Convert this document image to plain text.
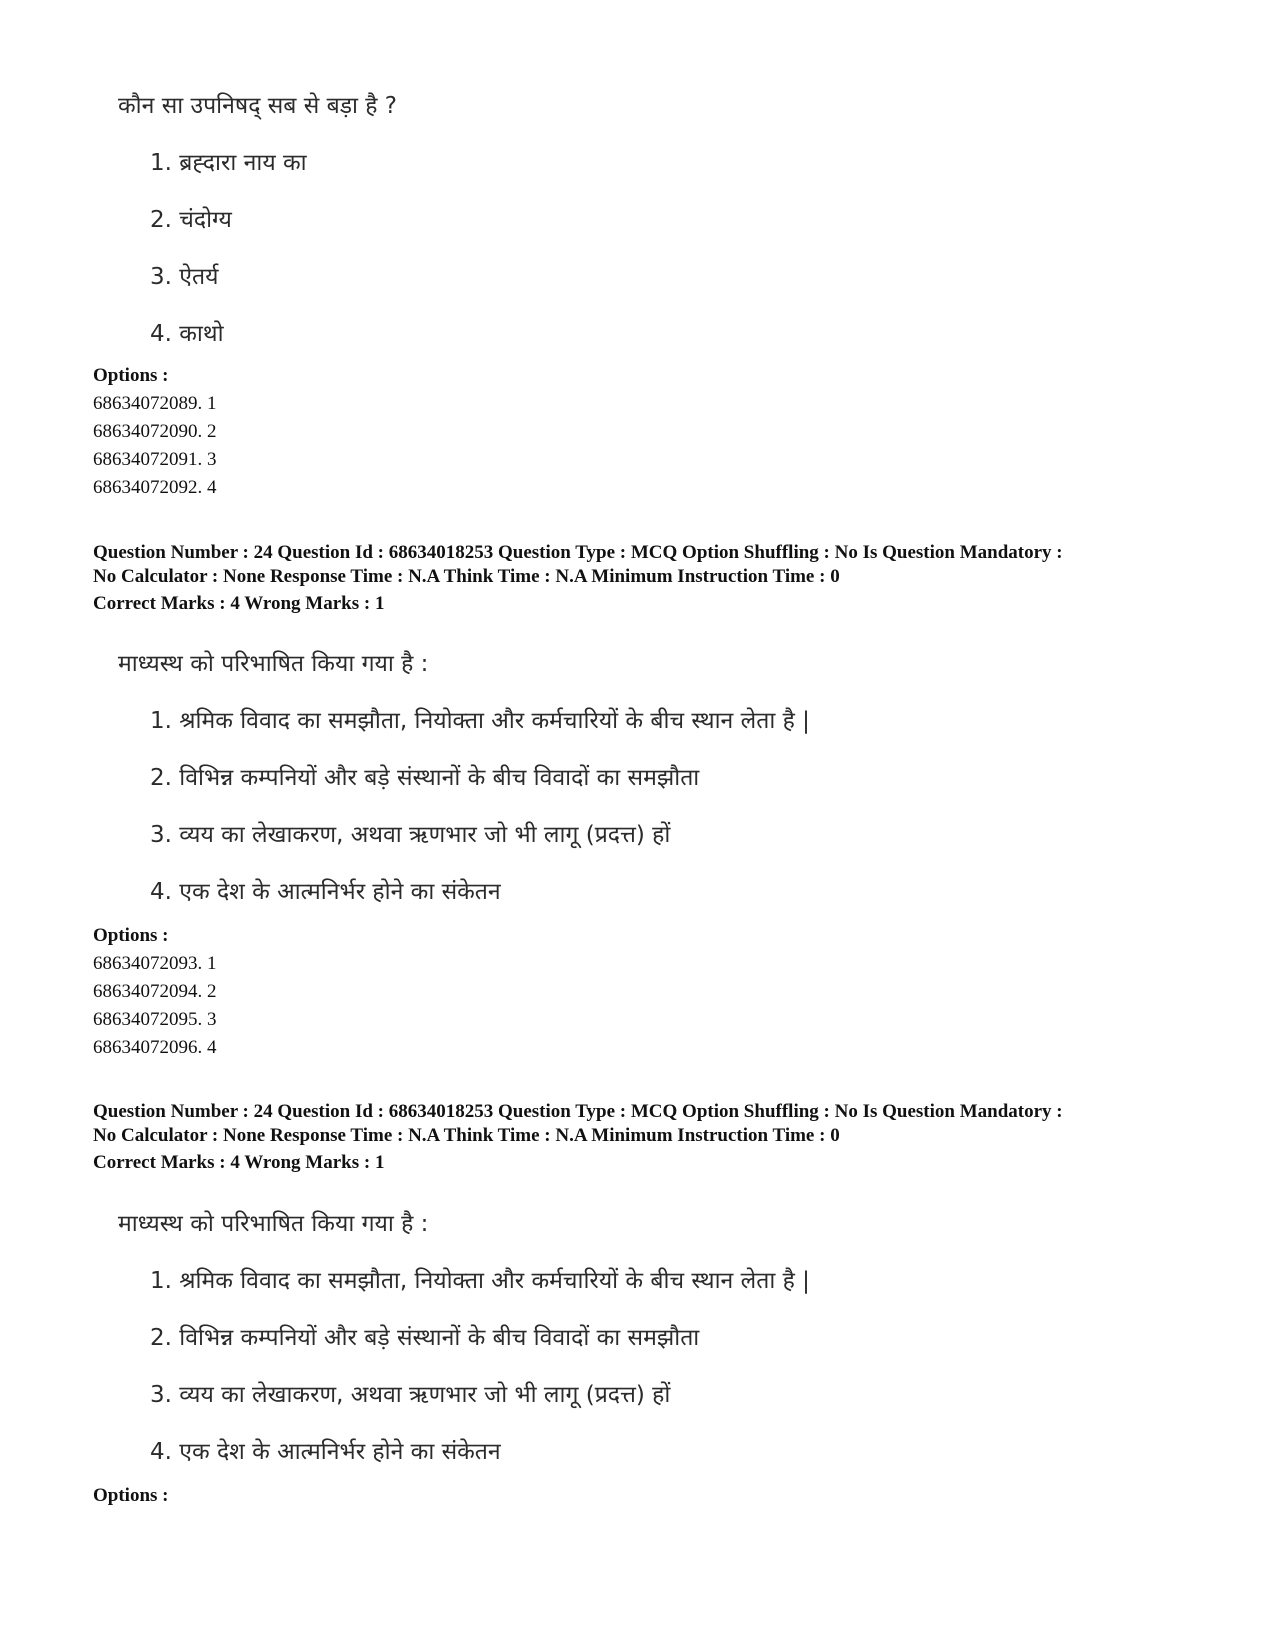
कौन सा उपनिषद् सब से बड़ा है ?
1. ब्रह्दारा नाय का
2. चंदोग्य
3. ऐतर्य
4. काथो
Options :
68634072089. 1
68634072090. 2
68634072091. 3
68634072092. 4
Question Number : 24 Question Id : 68634018253 Question Type : MCQ Option Shuffling : No Is Question Mandatory :
No Calculator : None Response Time : N.A Think Time : N.A Minimum Instruction Time : 0
Correct Marks : 4 Wrong Marks : 1
माध्यस्थ को परिभाषित किया गया है :
1. श्रमिक विवाद का समझौता, नियोक्ता और कर्मचारियों के बीच स्थान लेता है |
2. विभिन्न कम्पनियों और बड़े संस्थानों के बीच विवादों का समझौता
3. व्यय का लेखाकरण, अथवा ऋणभार जो भी लागू (प्रदत्त) हों
4. एक देश के आत्मनिर्भर होने का संकेतन
Options :
68634072093. 1
68634072094. 2
68634072095. 3
68634072096. 4
Question Number : 24 Question Id : 68634018253 Question Type : MCQ Option Shuffling : No Is Question Mandatory :
No Calculator : None Response Time : N.A Think Time : N.A Minimum Instruction Time : 0
Correct Marks : 4 Wrong Marks : 1
माध्यस्थ को परिभाषित किया गया है :
1. श्रमिक विवाद का समझौता, नियोक्ता और कर्मचारियों के बीच स्थान लेता है |
2. विभिन्न कम्पनियों और बड़े संस्थानों के बीच विवादों का समझौता
3. व्यय का लेखाकरण, अथवा ऋणभार जो भी लागू (प्रदत्त) हों
4. एक देश के आत्मनिर्भर होने का संकेतन
Options :
